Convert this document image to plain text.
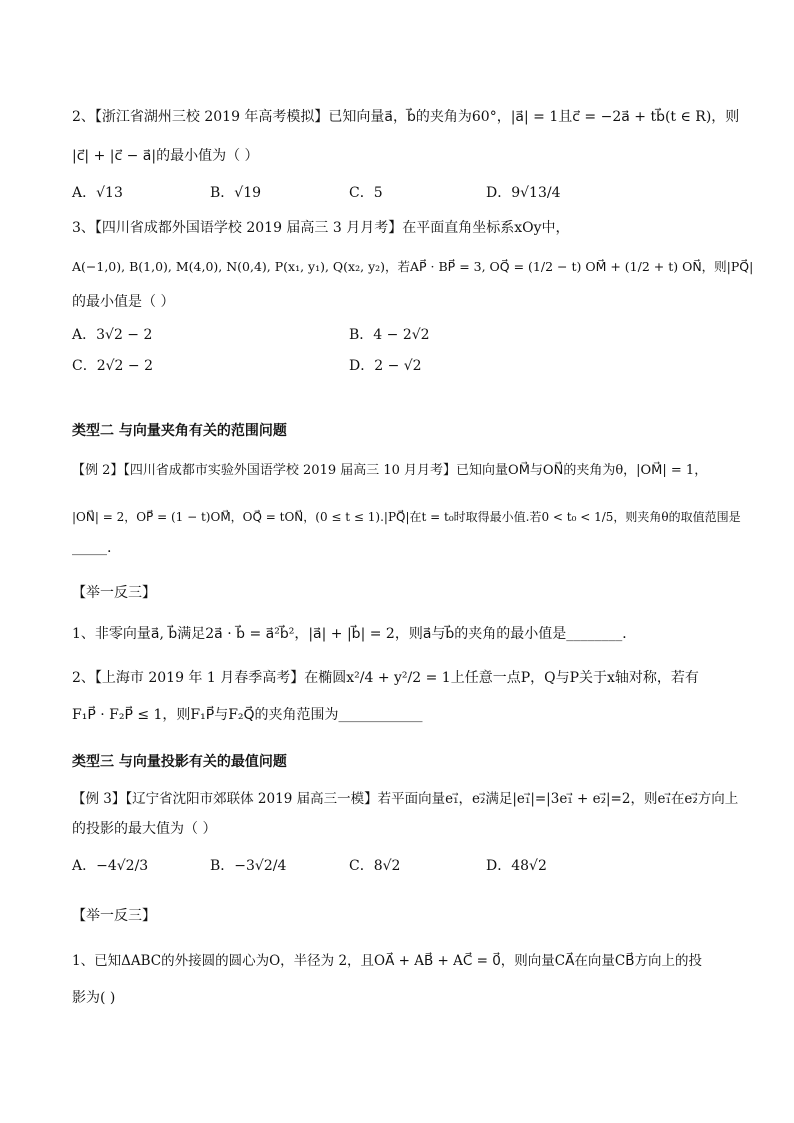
2、【浙江省湖州三校 2019 年高考模拟】已知向量a⃗，b⃗的夹角为60°，|a⃗| = 1且c⃗ = −2a⃗ + tb⃗(t ∈ R)，则
|c⃗| + |c⃗ − a⃗|的最小值为（ ）
A．√13	B．√19	C．5	D．9√13/4
3、【四川省成都外国语学校 2019 届高三 3 月月考】在平面直角坐标系xOy中，
A(−1,0), B(1,0), M(4,0), N(0,4), P(x₁, y₁), Q(x₂, y₂)，若AP⃗ · BP⃗ = 3, OQ⃗ = (1/2 − t) OM⃗ + (1/2 + t) ON⃗，则|PQ⃗|
的最小值是（ ）
A．3√2 − 2	B．4 − 2√2
C．2√2 − 2	D．2 − √2
类型二 与向量夹角有关的范围问题
【例 2】【四川省成都市实验外国语学校 2019 届高三 10 月月考】已知向量OM⃗与ON⃗的夹角为θ，|OM⃗| = 1，
|ON⃗| = 2，OP⃗ = (1 − t)OM⃗，OQ⃗ = tON⃗，(0 ≤ t ≤ 1).|PQ⃗|在t = t₀时取得最小值.若0 < t₀ < 1/5，则夹角θ的取值范围是
_____.
【举一反三】
1、非零向量a⃗, b⃗满足2a⃗ · b⃗ = a⃗²b⃗²，|a⃗| + |b⃗| = 2，则a⃗与b⃗的夹角的最小值是________．
2、【上海市 2019 年 1 月春季高考】在椭圆x²/4 + y²/2 = 1上任意一点P，Q与P关于x轴对称，若有
F₁P⃗ · F₂P⃗ ≤ 1，则F₁P⃗与F₂Q⃗的夹角范围为____________
类型三 与向量投影有关的最值问题
【例 3】【辽宁省沈阳市郊联体 2019 届高三一模】若平面向量e₁⃗，e₂⃗满足|e₁⃗|=|3e₁⃗ + e₂⃗|=2，则e₁⃗在e₂⃗方向上
的投影的最大值为（ ）
A．−4√2/3	B．−3√2/4	C．8√2	D．48√2
【举一反三】
1、已知ΔABC的外接圆的圆心为O，半径为 2，且OA⃗ + AB⃗ + AC⃗ = 0⃗，则向量CA⃗在向量CB⃗方向上的投
影为( )
